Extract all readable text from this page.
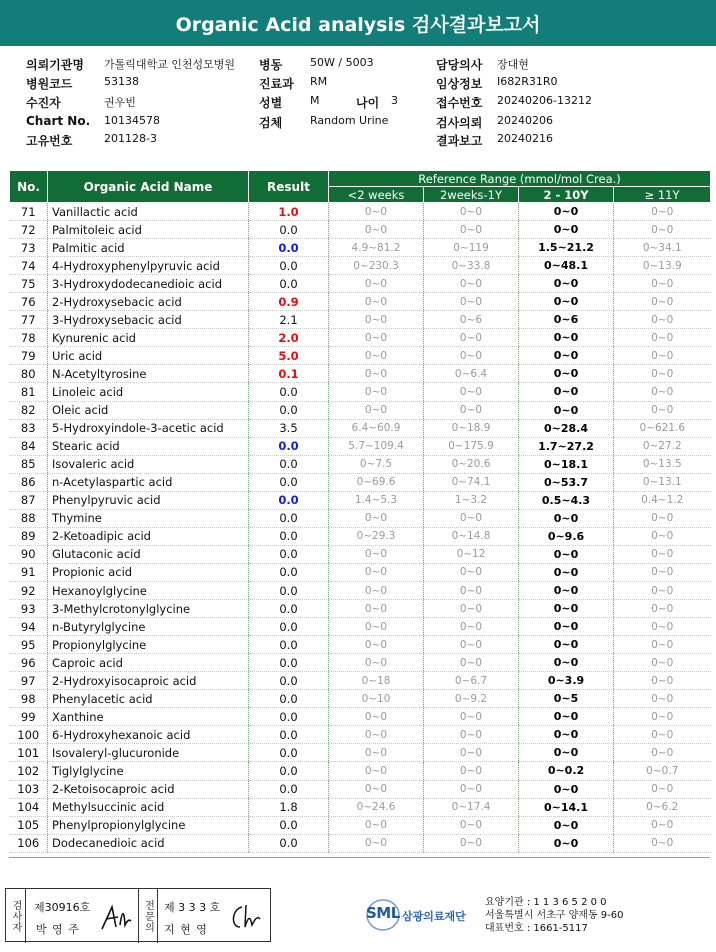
Organic Acid analysis 검사결과보고서
의뢰기관명 가톨릭대학교 인천성모병원 병동	50W / 5003	담당의사 장대현
병원코드	53138	진료과 RM	임상정보 I682R31R0
수진자	권우빈	성별	M	나이 3	접수번호 20240206-13212
Chart No. 10134578	검체	Random Urine	검사의뢰 20240206
고유번호	201128-3	결과보고 20240216
No.	Organic Acid Name	Result	Reference Range (mmol/mol Crea.)			
			<2 weeks	2weeks-1Y	2 - 10Y	≥ 11Y
71	Vanillactic acid	1.0	0~0	0~0	0~0	0~0
72	Palmitoleic acid	0.0	0~0	0~0	0~0	0~0
73	Palmitic acid	0.0	4.9~81.2	0~119	1.5~21.2	0~34.1
74	4-Hydroxyphenylpyruvic acid	0.0	0~230.3	0~33.8	0~48.1	0~13.9
75	3-Hydroxydodecanedioic acid	0.0	0~0	0~0	0~0	0~0
76	2-Hydroxysebacic acid	0.9	0~0	0~0	0~0	0~0
77	3-Hydroxysebacic acid	2.1	0~0	0~6	0~6	0~0
78	Kynurenic acid	2.0	0~0	0~0	0~0	0~0
79	Uric acid	5.0	0~0	0~0	0~0	0~0
80	N-Acetyltyrosine	0.1	0~0	0~6.4	0~0	0~0
81	Linoleic acid	0.0	0~0	0~0	0~0	0~0
82	Oleic acid	0.0	0~0	0~0	0~0	0~0
83	5-Hydroxyindole-3-acetic acid	3.5	6.4~60.9	0~18.9	0~28.4	0~621.6
84	Stearic acid	0.0	5.7~109.4	0~175.9	1.7~27.2	0~27.2
85	Isovaleric acid	0.0	0~7.5	0~20.6	0~18.1	0~13.5
86	n-Acetylaspartic acid	0.0	0~69.6	0~74.1	0~53.7	0~13.1
87	Phenylpyruvic acid	0.0	1.4~5.3	1~3.2	0.5~4.3	0.4~1.2
88	Thymine	0.0	0~0	0~0	0~0	0~0
89	2-Ketoadipic acid	0.0	0~29.3	0~14.8	0~9.6	0~0
90	Glutaconic acid	0.0	0~0	0~12	0~0	0~0
91	Propionic acid	0.0	0~0	0~0	0~0	0~0
92	Hexanoylglycine	0.0	0~0	0~0	0~0	0~0
93	3-Methylcrotonylglycine	0.0	0~0	0~0	0~0	0~0
94	n-Butyrylglycine	0.0	0~0	0~0	0~0	0~0
95	Propionylglycine	0.0	0~0	0~0	0~0	0~0
96	Caproic acid	0.0	0~0	0~0	0~0	0~0
97	2-Hydroxyisocaproic acid	0.0	0~18	0~6.7	0~3.9	0~0
98	Phenylacetic acid	0.0	0~10	0~9.2	0~5	0~0
99	Xanthine	0.0	0~0	0~0	0~0	0~0
100	6-Hydroxyhexanoic acid	0.0	0~0	0~0	0~0	0~0
101	Isovaleryl-glucuronide	0.0	0~0	0~0	0~0	0~0
102	Tiglylglycine	0.0	0~0	0~0	0~0.2	0~0.7
103	2-Ketoisocaproic acid	0.0	0~0	0~0	0~0	0~0
104	Methylsuccinic acid	1.8	0~24.6	0~17.4	0~14.1	0~6.2
105	Phenylpropionylglycine	0.0	0~0	0~0	0~0	0~0
106	Dodecanedioic acid	0.0	0~0	0~0	0~0	0~0
검사자 제30916호
박 영 주	전문의 제 3 3 3 호
지 현 영
SML 삼광의료재단
요양기관 : 1 1 3 6 5 2 0 0
서울특별시 서초구 양재동 9-60
대표번호 : 1661-5117
